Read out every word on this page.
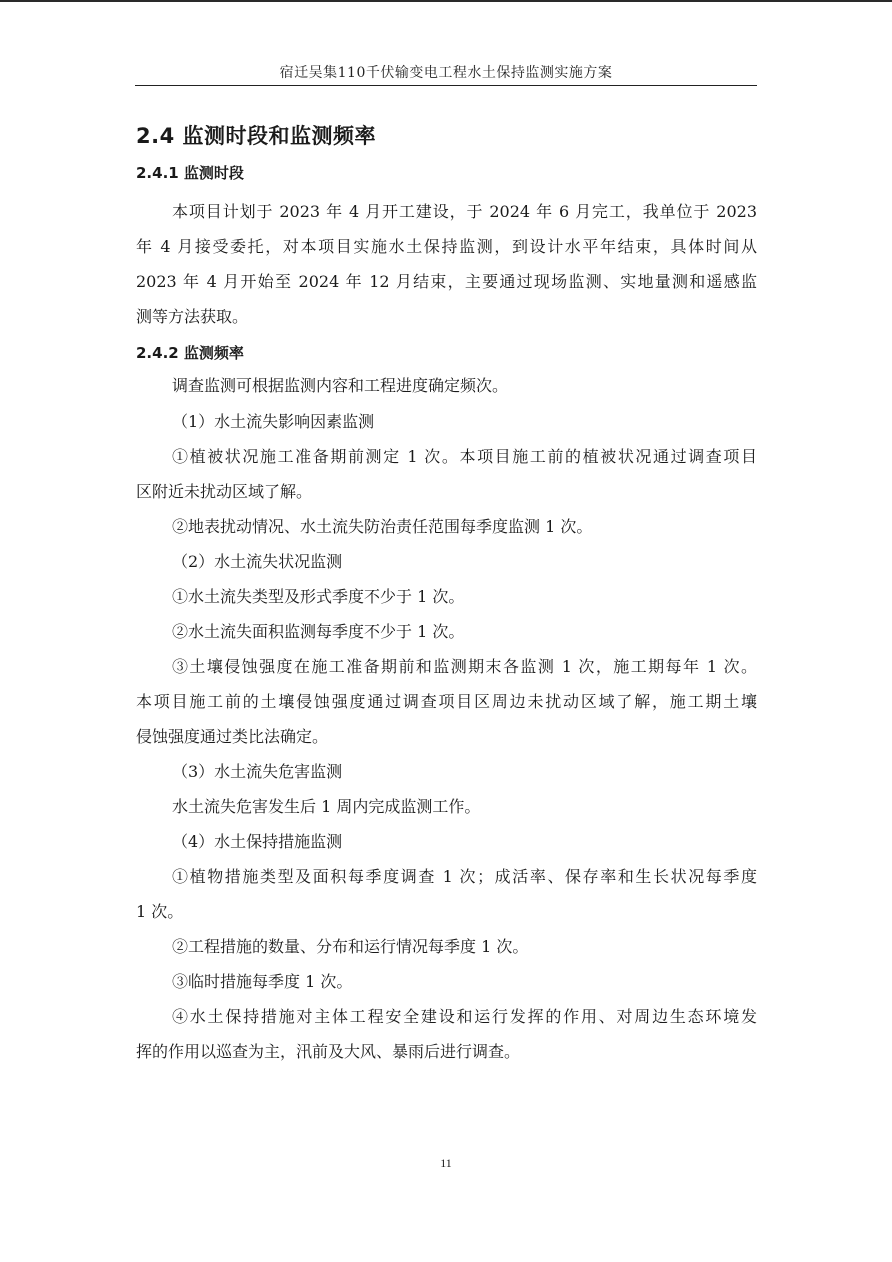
宿迁吴集110千伏输变电工程水土保持监测实施方案
2.4 监测时段和监测频率
2.4.1 监测时段
本项目计划于 2023 年 4 月开工建设，于 2024 年 6 月完工，我单位于 2023
年 4 月接受委托，对本项目实施水土保持监测，到设计水平年结束，具体时间从
2023 年 4 月开始至 2024 年 12 月结束，主要通过现场监测、实地量测和遥感监
测等方法获取。
2.4.2 监测频率
调查监测可根据监测内容和工程进度确定频次。
（1）水土流失影响因素监测
①植被状况施工准备期前测定 1 次。本项目施工前的植被状况通过调查项目
区附近未扰动区域了解。
②地表扰动情况、水土流失防治责任范围每季度监测 1 次。
（2）水土流失状况监测
①水土流失类型及形式季度不少于 1 次。
②水土流失面积监测每季度不少于 1 次。
③土壤侵蚀强度在施工准备期前和监测期末各监测 1 次，施工期每年 1 次。
本项目施工前的土壤侵蚀强度通过调查项目区周边未扰动区域了解，施工期土壤
侵蚀强度通过类比法确定。
（3）水土流失危害监测
水土流失危害发生后 1 周内完成监测工作。
（4）水土保持措施监测
①植物措施类型及面积每季度调查 1 次；成活率、保存率和生长状况每季度
1 次。
②工程措施的数量、分布和运行情况每季度 1 次。
③临时措施每季度 1 次。
④水土保持措施对主体工程安全建设和运行发挥的作用、对周边生态环境发
挥的作用以巡查为主，汛前及大风、暴雨后进行调查。
11
